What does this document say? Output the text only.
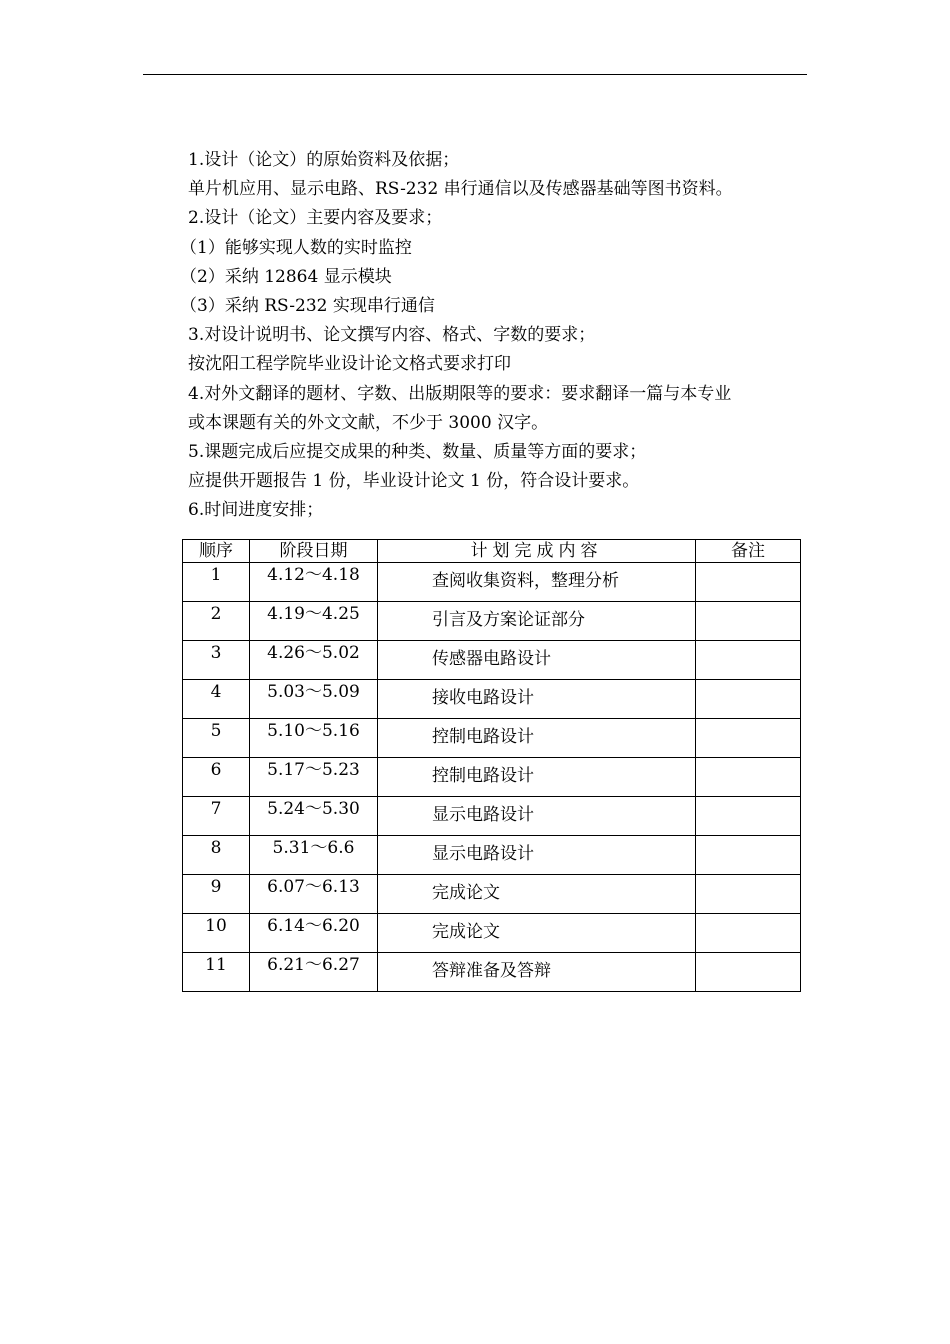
1.设计（论文）的原始资料及依据；
单片机应用、显示电路、RS-232 串行通信以及传感器基础等图书资料。
2.设计（论文）主要内容及要求；
（1）能够实现人数的实时监控
（2）采纳 12864 显示模块
（3）采纳 RS-232 实现串行通信
3.对设计说明书、论文撰写内容、格式、字数的要求；
按沈阳工程学院毕业设计论文格式要求打印
4.对外文翻译的题材、字数、出版期限等的要求：要求翻译一篇与本专业
或本课题有关的外文文献，不少于 3000 汉字。
5.课题完成后应提交成果的种类、数量、质量等方面的要求；
应提供开题报告 1 份，毕业设计论文 1 份，符合设计要求。
6.时间进度安排；
顺序	阶段日期	计划完成内容	备注
1	4.12～4.18	查阅收集资料，整理分析	
2	4.19～4.25	引言及方案论证部分	
3	4.26～5.02	传感器电路设计	
4	5.03～5.09	接收电路设计	
5	5.10～5.16	控制电路设计	
6	5.17～5.23	控制电路设计	
7	5.24～5.30	显示电路设计	
8	5.31～6.6	显示电路设计	
9	6.07～6.13	完成论文	
10	6.14～6.20	完成论文	
11	6.21～6.27	答辩准备及答辩	
